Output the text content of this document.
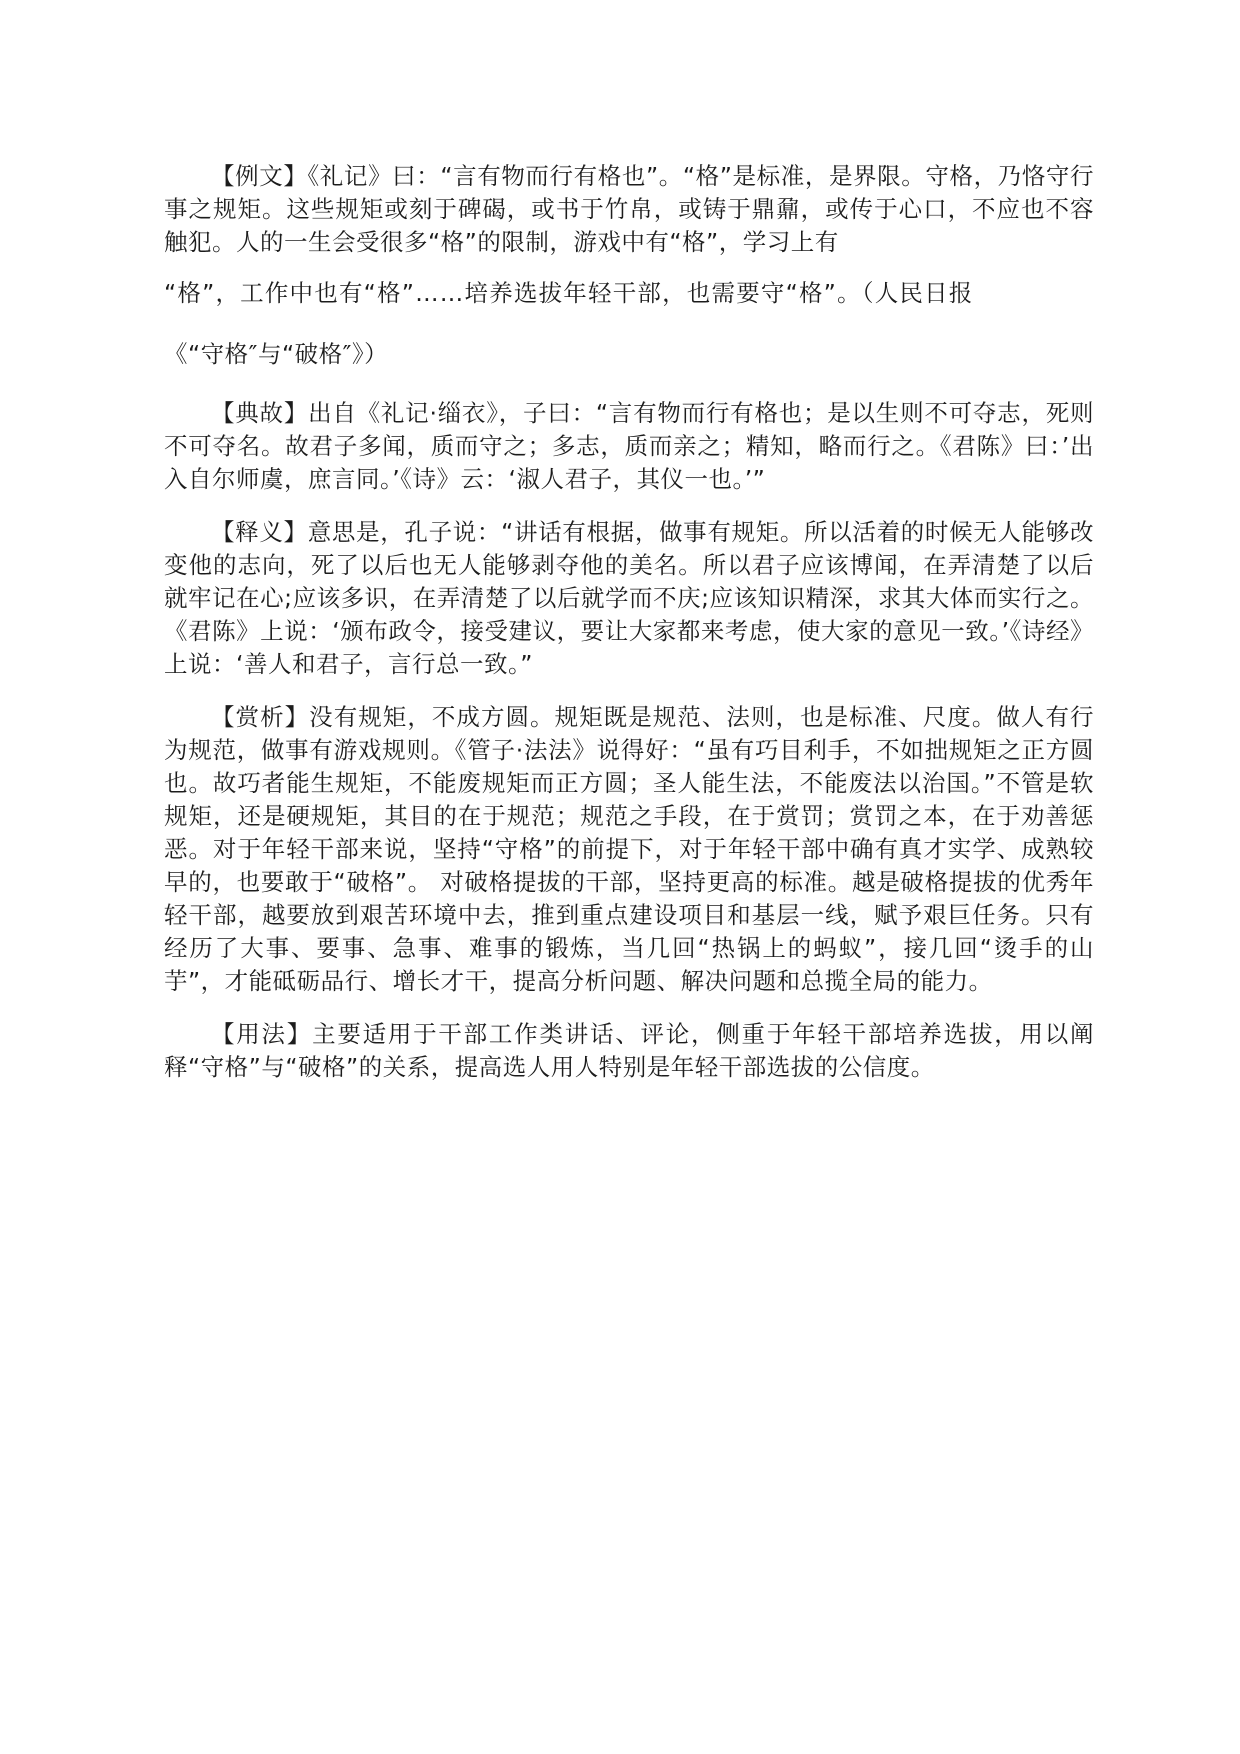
【例文】《礼记》曰：“言有物而行有格也”。“格”是标准，是界限。守格，乃恪守行事之规矩。这些规矩或刻于碑碣，或书于竹帛，或铸于鼎鼐，或传于心口，不应也不容触犯。人的一生会受很多“格”的限制，游戏中有“格”，学习上有
“格”，工作中也有“格”……培养选拔年轻干部，也需要守“格”。（人民日报
《“守格″与“破格″》）

【典故】出自《礼记·缁衣》，子曰：“言有物而行有格也；是以生则不可夺志，死则不可夺名。故君子多闻，质而守之；多志，质而亲之；精知，略而行之。《君陈》曰：’出入自尔师虞，庶言同。’《诗》云：‘淑人君子，其仪一也。’”

【释义】意思是，孔子说：“讲话有根据，做事有规矩。所以活着的时候无人能够改变他的志向，死了以后也无人能够剥夺他的美名。所以君子应该博闻，在弄清楚了以后就牢记在心;应该多识，在弄清楚了以后就学而不庆;应该知识精深，求其大体而实行之。《君陈》上说：‘颁布政令，接受建议，要让大家都来考虑，使大家的意见一致。’《诗经》上说：‘善人和君子，言行总一致。”

【赏析】没有规矩，不成方圆。规矩既是规范、法则，也是标准、尺度。做人有行为规范，做事有游戏规则。《管子·法法》说得好：“虽有巧目利手，不如拙规矩之正方圆也。故巧者能生规矩，不能废规矩而正方圆；圣人能生法，不能废法以治国。”不管是软规矩，还是硬规矩，其目的在于规范；规范之手段，在于赏罚；赏罚之本，在于劝善惩恶。对于年轻干部来说，坚持“守格”的前提下，对于年轻干部中确有真才实学、成熟较早的，也要敢于“破格”。 对破格提拔的干部，坚持更高的标准。越是破格提拔的优秀年轻干部，越要放到艰苦环境中去，推到重点建设项目和基层一线，赋予艰巨任务。只有经历了大事、要事、急事、难事的锻炼，当几回“热锅上的蚂蚁”，接几回“烫手的山芋”，才能砥砺品行、增长才干，提高分析问题、解决问题和总揽全局的能力。

【用法】主要适用于干部工作类讲话、评论，侧重于年轻干部培养选拔，用以阐释“守格”与“破格”的关系，提高选人用人特别是年轻干部选拔的公信度。
